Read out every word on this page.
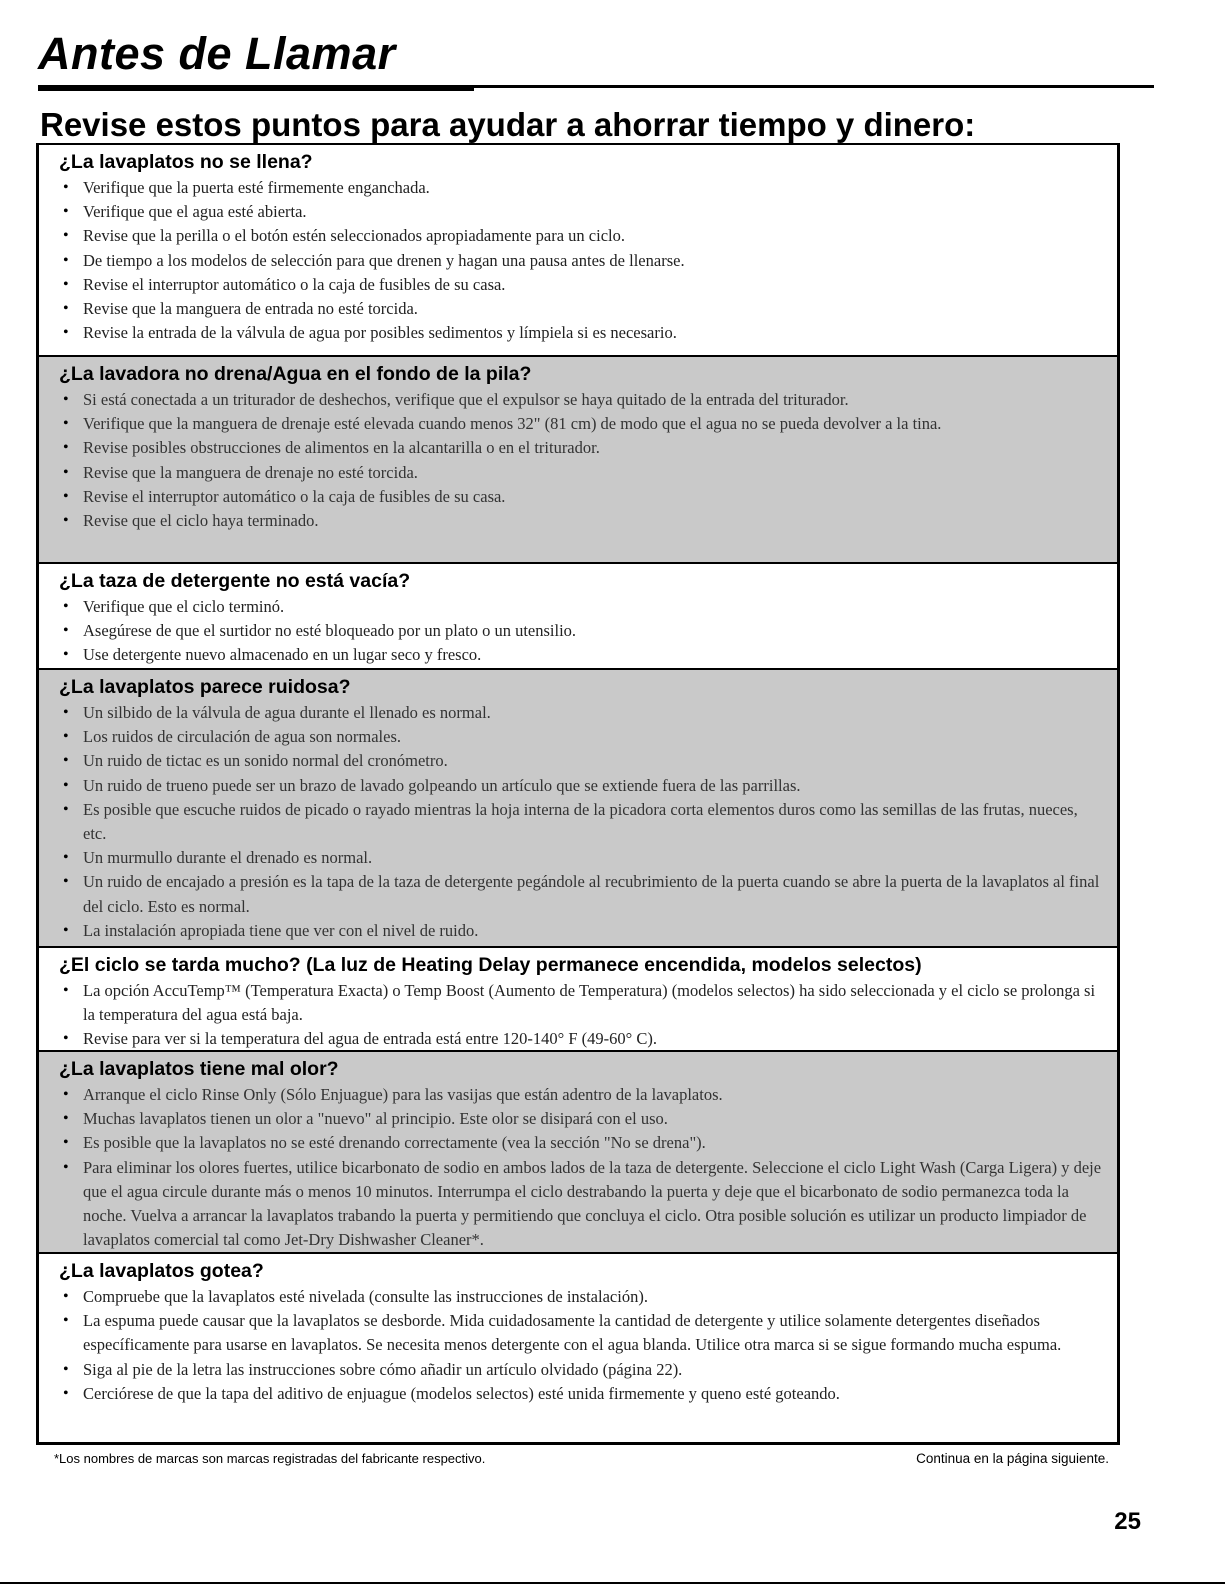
Antes de Llamar
Revise estos puntos para ayudar a ahorrar tiempo y dinero:
¿La lavaplatos no se llena?
• Verifique que la puerta esté firmemente enganchada.
• Verifique que el agua esté abierta.
• Revise que la perilla o el botón estén seleccionados apropiadamente para un ciclo.
• De tiempo a los modelos de selección para que drenen y hagan una pausa antes de llenarse.
• Revise el interruptor automático o la caja de fusibles de su casa.
• Revise que la manguera de entrada no esté torcida.
• Revise la entrada de la válvula de agua por posibles sedimentos y límpiela si es necesario.
¿La lavadora no drena/Agua en el fondo de la pila?
• Si está conectada a un triturador de deshechos, verifique que el expulsor se haya quitado de la entrada del triturador.
• Verifique que la manguera de drenaje esté elevada cuando menos 32" (81 cm) de modo que el agua no se pueda devolver a la tina.
• Revise posibles obstrucciones de alimentos en la alcantarilla o en el triturador.
• Revise que la manguera de drenaje no esté torcida.
• Revise el interruptor automático o la caja de fusibles de su casa.
• Revise que el ciclo haya terminado.
¿La taza de detergente no está vacía?
• Verifique que el ciclo terminó.
• Asegúrese de que el surtidor no esté bloqueado por un plato o un utensilio.
• Use detergente nuevo almacenado en un lugar seco y fresco.
¿La lavaplatos parece ruidosa?
• Un silbido de la válvula de agua durante el llenado es normal.
• Los ruidos de circulación de agua son normales.
• Un ruido de tictac es un sonido normal del cronómetro.
• Un ruido de trueno puede ser un brazo de lavado golpeando un artículo que se extiende fuera de las parrillas.
• Es posible que escuche ruidos de picado o rayado mientras la hoja interna de la picadora corta elementos duros como las semillas de las frutas, nueces, etc.
• Un murmullo durante el drenado es normal.
• Un ruido de encajado a presión es la tapa de la taza de detergente pegándole al recubrimiento de la puerta cuando se abre la puerta de la lavaplatos al final del ciclo. Esto es normal.
• La instalación apropiada tiene que ver con el nivel de ruido.
¿El ciclo se tarda mucho? (La luz de Heating Delay permanece encendida, modelos selectos)
• La opción AccuTemp™ (Temperatura Exacta) o Temp Boost (Aumento de Temperatura) (modelos selectos) ha sido seleccionada y el ciclo se prolonga si la temperatura del agua está baja.
• Revise para ver si la temperatura del agua de entrada está entre 120-140° F (49-60° C).
¿La lavaplatos tiene mal olor?
• Arranque el ciclo Rinse Only (Sólo Enjuague) para las vasijas que están adentro de la lavaplatos.
• Muchas lavaplatos tienen un olor a "nuevo" al principio. Este olor se disipará con el uso.
• Es posible que la lavaplatos no se esté drenando correctamente (vea la sección "No se drena").
• Para eliminar los olores fuertes, utilice bicarbonato de sodio en ambos lados de la taza de detergente. Seleccione el ciclo Light Wash (Carga Ligera) y deje que el agua circule durante más o menos 10 minutos. Interrumpa el ciclo destrabando la puerta y deje que el bicarbonato de sodio permanezca toda la noche. Vuelva a arrancar la lavaplatos trabando la puerta y permitiendo que concluya el ciclo. Otra posible solución es utilizar un producto limpiador de lavaplatos comercial tal como Jet-Dry Dishwasher Cleaner*.
¿La lavaplatos gotea?
• Compruebe que la lavaplatos esté nivelada (consulte las instrucciones de instalación).
• La espuma puede causar que la lavaplatos se desborde. Mida cuidadosamente la cantidad de detergente y utilice solamente detergentes diseñados específicamente para usarse en lavaplatos. Se necesita menos detergente con el agua blanda. Utilice otra marca si se sigue formando mucha espuma.
• Siga al pie de la letra las instrucciones sobre cómo añadir un artículo olvidado (página 22).
• Cerciórese de que la tapa del aditivo de enjuague (modelos selectos) esté unida firmemente y queno esté goteando.
*Los nombres de marcas son marcas registradas del fabricante respectivo.	Continua en la página siguiente.
25
